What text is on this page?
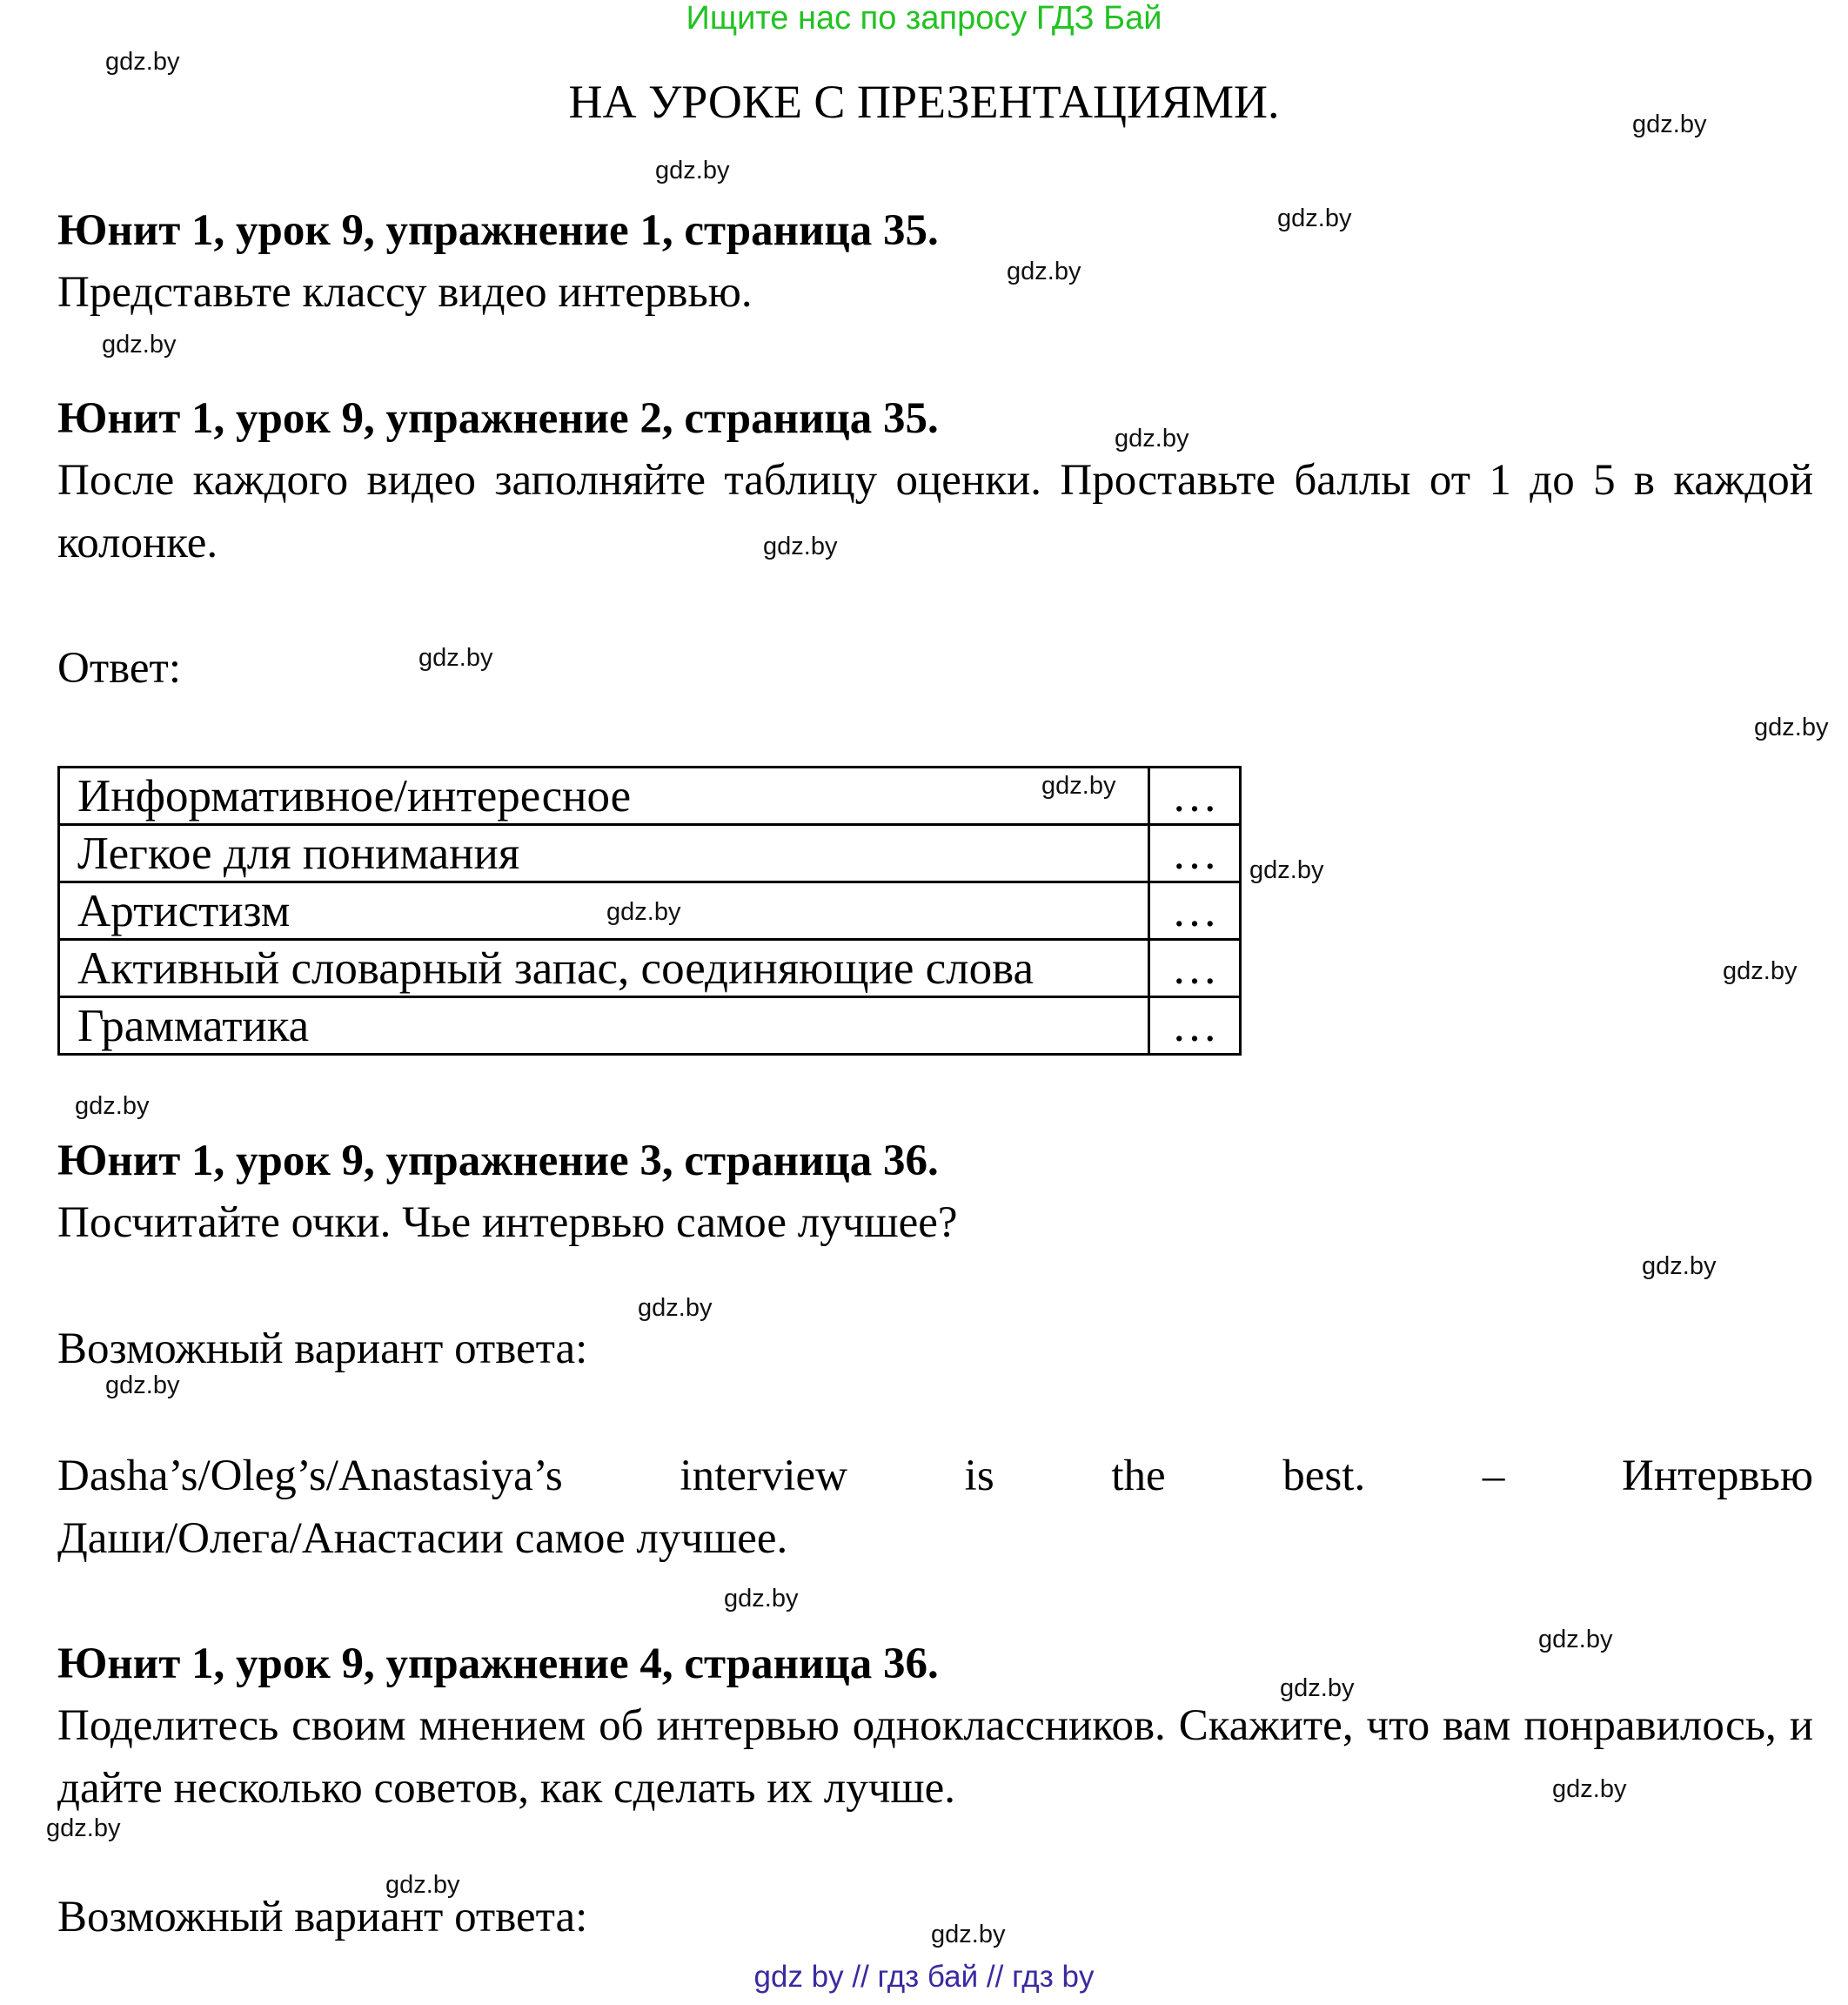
Ищите нас по запросу ГДЗ Бай
НА УРОКЕ С ПРЕЗЕНТАЦИЯМИ.
Юнит 1, урок 9, упражнение 1, страница 35.
Представьте классу видео интервью.
Юнит 1, урок 9, упражнение 2, страница 35.
После каждого видео заполняйте таблицу оценки. Проставьте баллы от 1 до 5 в каждой колонке.
Ответ:
Информативное/интересное	…
Легкое для понимания	…
Артистизм	…
Активный словарный запас, соединяющие слова	…
Грамматика	…
Юнит 1, урок 9, упражнение 3, страница 36.
Посчитайте очки. Чье интервью самое лучшее?
Возможный вариант ответа:
Dasha’s/Oleg’s/Anastasiya’s interview is the best. – Интервью
Даши/Олега/Анастасии самое лучшее.
Юнит 1, урок 9, упражнение 4, страница 36.
Поделитесь своим мнением об интервью одноклассников. Скажите, что вам понравилось, и дайте несколько советов, как сделать их лучше.
Возможный вариант ответа:
gdz.by
gdz.by
gdz.by
gdz.by
gdz.by
gdz.by
gdz.by
gdz.by
gdz.by
gdz.by
gdz.by
gdz.by
gdz.by
gdz.by
gdz.by
gdz.by
gdz.by
gdz.by
gdz.by
gdz.by
gdz.by
gdz.by
gdz.by
gdz.by
gdz.by
gdz by // гдз бай // гдз by
